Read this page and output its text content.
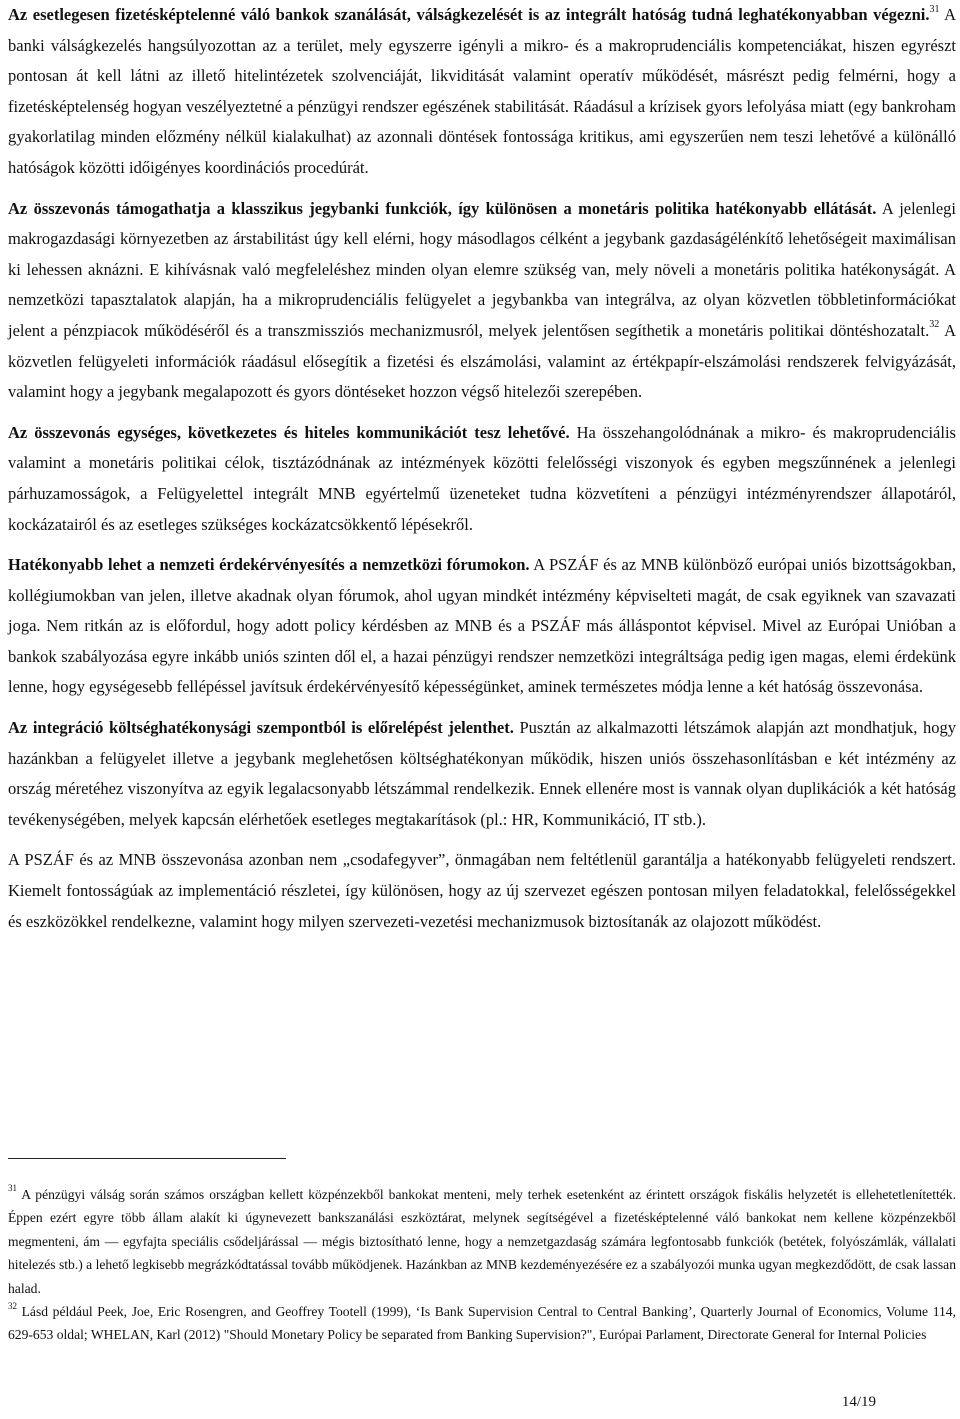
Az esetlegesen fizetésképtelenné váló bankok szanálását, válságkezelését is az integrált hatóság tudná leghatékonyabban végezni.$^{31}$ A banki válságkezelés hangsúlyozottan az a terület, mely egyszerre igényli a mikro- és a makroprudenciális kompetenciákat, hiszen egyrészt pontosan át kell látni az illető hitelintézetek szolvenciáját, likviditását valamint operatív működését, másrészt pedig felmérni, hogy a fizetésképtelenség hogyan veszélyeztetné a pénzügyi rendszer egészének stabilitását. Ráadásul a krízisek gyors lefolyása miatt (egy bankroham gyakorlatilag minden előzmény nélkül kialakulhat) az azonnali döntések fontossága kritikus, ami egyszerűen nem teszi lehetővé a különálló hatóságok közötti időigényes koordinációs procedúrát.

Az összevonás támogathatja a klasszikus jegybanki funkciók, így különösen a monetáris politika hatékonyabb ellátását. A jelenlegi makrogazdasági környezetben az árstabilitást úgy kell elérni, hogy másodlagos célként a jegybank gazdaságélénkítő lehetőségeit maximálisan ki lehessen aknázni. E kihívásnak való megfeleléshez minden olyan elemre szükség van, mely növeli a monetáris politika hatékonyságát. A nemzetközi tapasztalatok alapján, ha a mikroprudenciális felügyelet a jegybankba van integrálva, az olyan közvetlen többletinformációkat jelent a pénzpiacok működéséről és a transzmissziós mechanizmusról, melyek jelentősen segíthetik a monetáris politikai döntéshozatalt.$^{32}$ A közvetlen felügyeleti információk ráadásul elősegítik a fizetési és elszámolási, valamint az értékpapír-elszámolási rendszerek felvigyázását, valamint hogy a jegybank megalapozott és gyors döntéseket hozzon végső hitelezői szerepében.

Az összevonás egységes, következetes és hiteles kommunikációt tesz lehetővé. Ha összehangolódnának a mikro- és makroprudenciális valamint a monetáris politikai célok, tisztázódnának az intézmények közötti felelősségi viszonyok és egyben megszűnnének a jelenlegi párhuzamosságok, a Felügyelettel integrált MNB egyértelmű üzeneteket tudna közvetíteni a pénzügyi intézményrendszer állapotáról, kockázatairól és az esetleges szükséges kockázatcsökkentő lépésekről.

Hatékonyabb lehet a nemzeti érdekérvényesítés a nemzetközi fórumokon. A PSZÁF és az MNB különböző európai uniós bizottságokban, kollégiumokban van jelen, illetve akadnak olyan fórumok, ahol ugyan mindkét intézmény képviselteti magát, de csak egyiknek van szavazati joga. Nem ritkán az is előfordul, hogy adott policy kérdésben az MNB és a PSZÁF más álláspontot képvisel. Mivel az Európai Unióban a bankok szabályozása egyre inkább uniós szinten dől el, a hazai pénzügyi rendszer nemzetközi integráltsága pedig igen magas, elemi érdekünk lenne, hogy egységesebb fellépéssel javítsuk érdekérvényesítő képességünket, aminek természetes módja lenne a két hatóság összevonása.

Az integráció költséghatékonysági szempontból is előrelépést jelenthet. Pusztán az alkalmazotti létszámok alapján azt mondhatjuk, hogy hazánkban a felügyelet illetve a jegybank meglehetősen költséghatékonyan működik, hiszen uniós összehasonlításban e két intézmény az ország méretéhez viszonyítva az egyik legalacsonyabb létszámmal rendelkezik. Ennek ellenére most is vannak olyan duplikációk a két hatóság tevékenységében, melyek kapcsán elérhetőek esetleges megtakarítások (pl.: HR, Kommunikáció, IT stb.).

A PSZÁF és az MNB összevonása azonban nem „csodafegyver”, önmagában nem feltétlenül garantálja a hatékonyabb felügyeleti rendszert. Kiemelt fontosságúak az implementáció részletei, így különösen, hogy az új szervezet egészen pontosan milyen feladatokkal, felelősségekkel és eszközökkel rendelkezne, valamint hogy milyen szervezeti-vezetési mechanizmusok biztosítanák az olajozott működést.

$^{31}$ A pénzügyi válság során számos országban kellett közpénzekből bankokat menteni, mely terhek esetenként az érintett országok fiskális helyzetét is ellehetetlenítették. Éppen ezért egyre több állam alakít ki úgynevezett bankszanálási eszköztárat, melynek segítségével a fizetésképtelenné váló bankokat nem kellene közpénzekből megmenteni, ám — egyfajta speciális csődeljárással — mégis biztosítható lenne, hogy a nemzetgazdaság számára legfontosabb funkciók (betétek, folyószámlák, vállalati hitelezés stb.) a lehető legkisebb megrázkódtatással tovább működjenek. Hazánkban az MNB kezdeményezésére ez a szabályozói munka ugyan megkezdődött, de csak lassan halad.

$^{32}$ Lásd például Peek, Joe, Eric Rosengren, and Geoffrey Tootell (1999), ‘Is Bank Supervision Central to Central Banking’, Quarterly Journal of Economics, Volume 114, 629-653 oldal; WHELAN, Karl (2012) "Should Monetary Policy be separated from Banking Supervision?", Európai Parlament, Directorate General for Internal Policies

14/19
